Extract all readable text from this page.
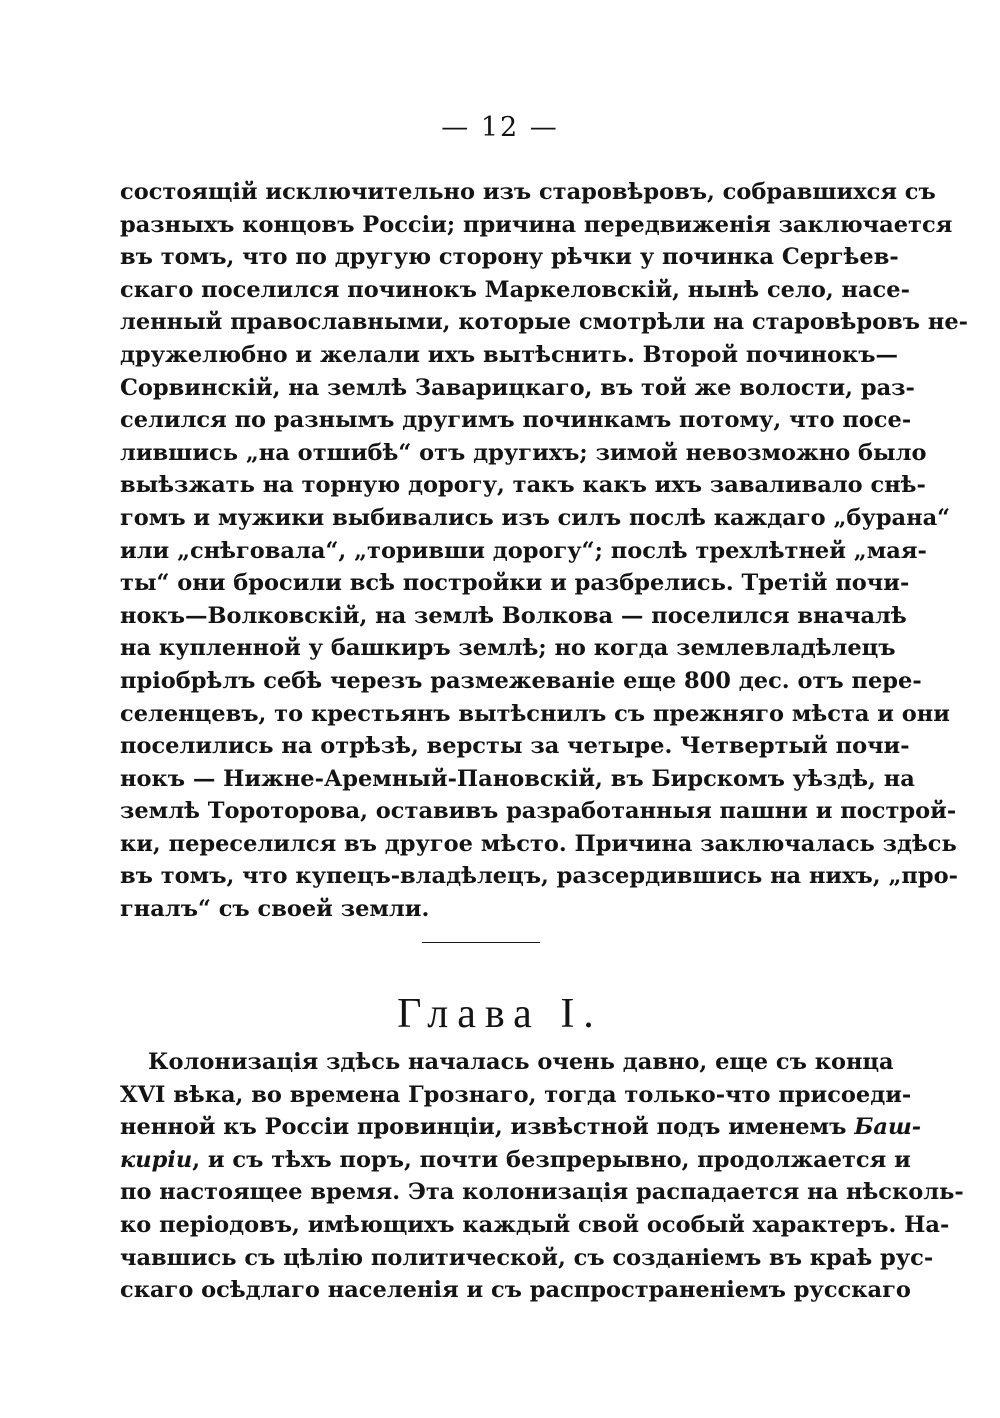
— 12 —
состоящій исключительно изъ старовѣровъ, собравшихся съ
разныхъ концовъ Россіи; причина передвиженія заключается
въ томъ, что по другую сторону рѣчки у починка Сергѣев-
скаго поселился починокъ Маркеловскій, нынѣ село, насе-
ленный православными, которые смотрѣли на старовѣровъ не-
дружелюбно и желали ихъ вытѣснить. Второй починокъ—
Сорвинскій, на землѣ Заварицкаго, въ той же волости, раз-
селился по разнымъ другимъ починкамъ потому, что посе-
лившись „на отшибѣ“ отъ другихъ; зимой невозможно было
выѣзжать на торную дорогу, такъ какъ ихъ заваливало снѣ-
гомъ и мужики выбивались изъ силъ послѣ каждаго „бурана“
или „снѣговала“, „торивши дорогу“; послѣ трехлѣтней „мая-
ты“ они бросили всѣ постройки и разбрелись. Третій почи-
нокъ—Волковскій, на землѣ Волкова — поселился вначалѣ
на купленной у башкиръ землѣ; но когда землевладѣлецъ
пріобрѣлъ себѣ черезъ размежеваніе еще 800 дес. отъ пере-
селенцевъ, то крестьянъ вытѣснилъ съ прежняго мѣста и они
поселились на отрѣзѣ, версты за четыре. Четвертый почи-
нокъ — Нижне-Аремный-Пановскій, въ Бирскомъ уѣздѣ, на
землѣ Тороторова, оставивъ разработанныя пашни и построй-
ки, переселился въ другое мѣсто. Причина заключалась здѣсь
въ томъ, что купецъ-владѣлецъ, разсердившись на нихъ, „про-
гналъ“ съ своей земли.
Глава I.
Колонизація здѣсь началась очень давно, еще съ конца
XVI вѣка, во времена Грознаго, тогда только-что присоеди-
ненной къ Россіи провинціи, извѣстной подъ именемъ Баш-
киріи, и съ тѣхъ поръ, почти безпрерывно, продолжается и
по настоящее время. Эта колонизація распадается на нѣсколь-
ко періодовъ, имѣющихъ каждый свой особый характеръ. На-
чавшись съ цѣлію политической, съ созданіемъ въ краѣ рус-
скаго осѣдлаго населенія и съ распространеніемъ русскаго
